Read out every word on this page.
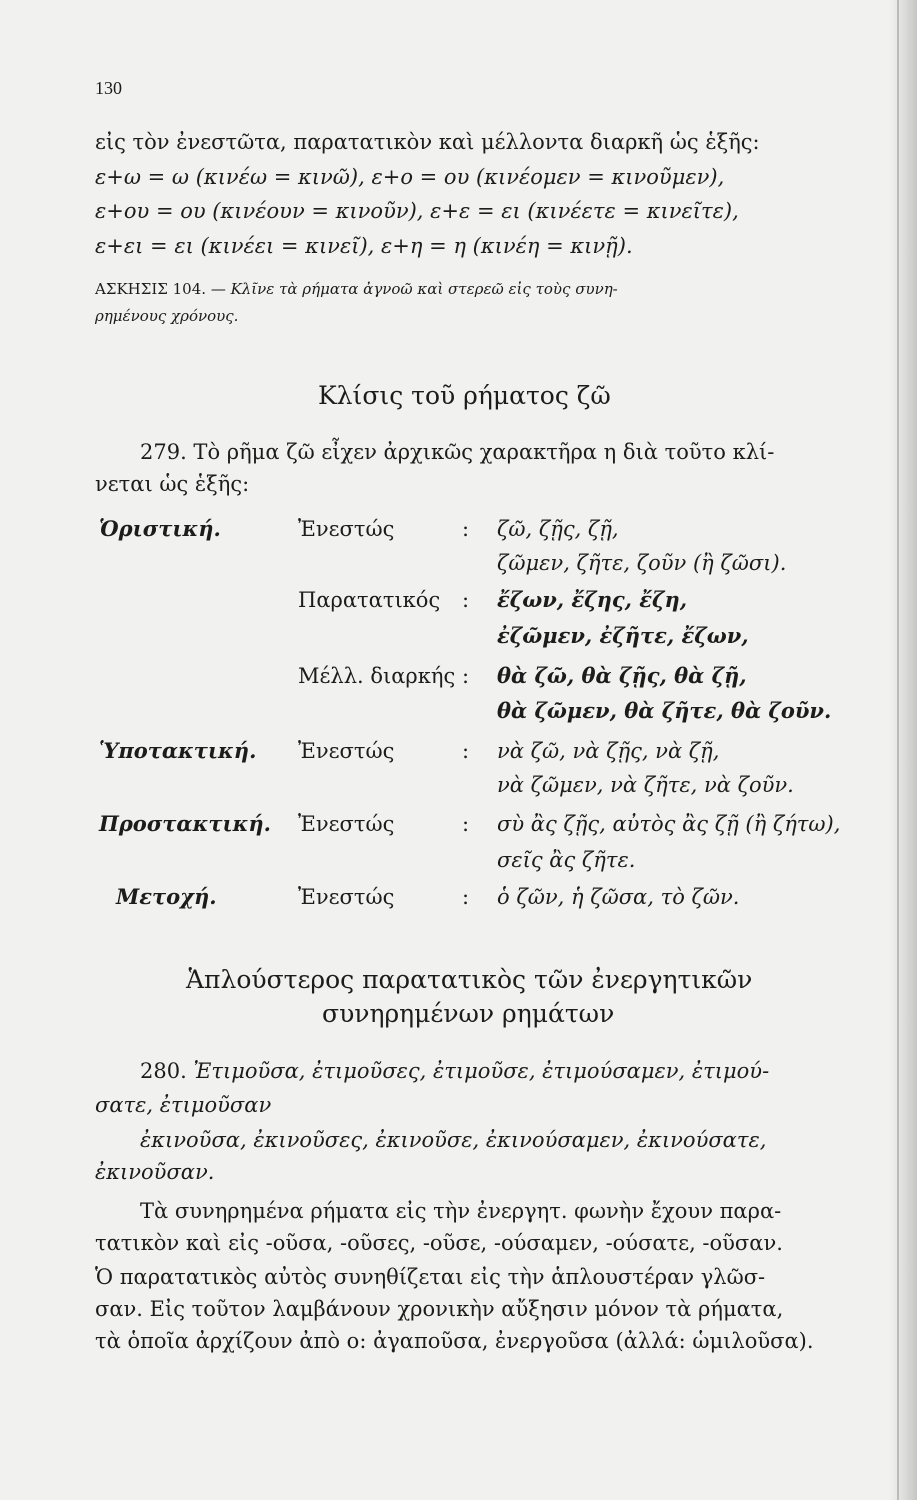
130
εἰς τὸν ἐνεστῶτα, παρατατικὸν καὶ μέλλοντα διαρκῆ ὡς ἑξῆς:
ε+ω = ω (κινέω = κινῶ), ε+ο = ου (κινέομεν = κινοῦμεν),
ε+ου = ου (κινέουν = κινοῦν), ε+ε = ει (κινέετε = κινεῖτε),
ε+ει = ει (κινέει = κινεῖ), ε+η = η (κινέη = κινῇ).
ΑΣΚΗΣΙΣ 104. — Κλῖνε τὰ ρήματα ἀγνοῶ καὶ στερεῶ εἰς τοὺς συνη-
ρημένους χρόνους.
Κλίσις τοῦ ρήματος ζῶ
279. Τὸ ρῆμα ζῶ εἶχεν ἀρχικῶς χαρακτῆρα η διὰ τοῦτο κλί-
νεται ὡς ἑξῆς:
Ὁριστική.	Ἐνεστώς	: ζῶ, ζῇς, ζῇ,
ζῶμεν, ζῆτε, ζοῦν (ἢ ζῶσι).
Παρατατικός : ἔζων, ἔζης, ἔζη,
ἐζῶμεν, ἐζῆτε, ἔζων,
Μέλλ. διαρκής : θὰ ζῶ, θὰ ζῇς, θὰ ζῇ,
θὰ ζῶμεν, θὰ ζῆτε, θὰ ζοῦν.
Ὑποτακτική. Ἐνεστώς	: νὰ ζῶ, νὰ ζῇς, νὰ ζῇ,
νὰ ζῶμεν, νὰ ζῆτε, νὰ ζοῦν.
Προστακτική. Ἐνεστώς	: σὺ ἂς ζῇς, αὐτὸς ἂς ζῇ (ἢ ζήτω),
σεῖς ἂς ζῆτε.
Μετοχή.	Ἐνεστώς	: ὁ ζῶν, ἡ ζῶσα, τὸ ζῶν.
Ἁπλούστερος παρατατικὸς τῶν ἐνεργητικῶν
συνηρημένων ρημάτων
280. Ἐτιμοῦσα, ἐτιμοῦσες, ἐτιμοῦσε, ἐτιμούσαμεν, ἐτιμού-
σατε, ἐτιμοῦσαν
ἐκινοῦσα, ἐκινοῦσες, ἐκινοῦσε, ἐκινούσαμεν, ἐκινούσατε,
ἐκινοῦσαν.
Τὰ συνηρημένα ρήματα εἰς τὴν ἐνεργητ. φωνὴν ἔχουν παρα-
τατικὸν καὶ εἰς -οῦσα, -οῦσες, -οῦσε, -ούσαμεν, -ούσατε, -οῦσαν.
Ὁ παρατατικὸς αὐτὸς συνηθίζεται εἰς τὴν ἁπλουστέραν γλῶσ-
σαν. Εἰς τοῦτον λαμβάνουν χρονικὴν αὔξησιν μόνον τὰ ρήματα,
τὰ ὁποῖα ἀρχίζουν ἀπὸ ο: ἀγαποῦσα, ἐνεργοῦσα (ἀλλά: ὡμιλοῦσα).
